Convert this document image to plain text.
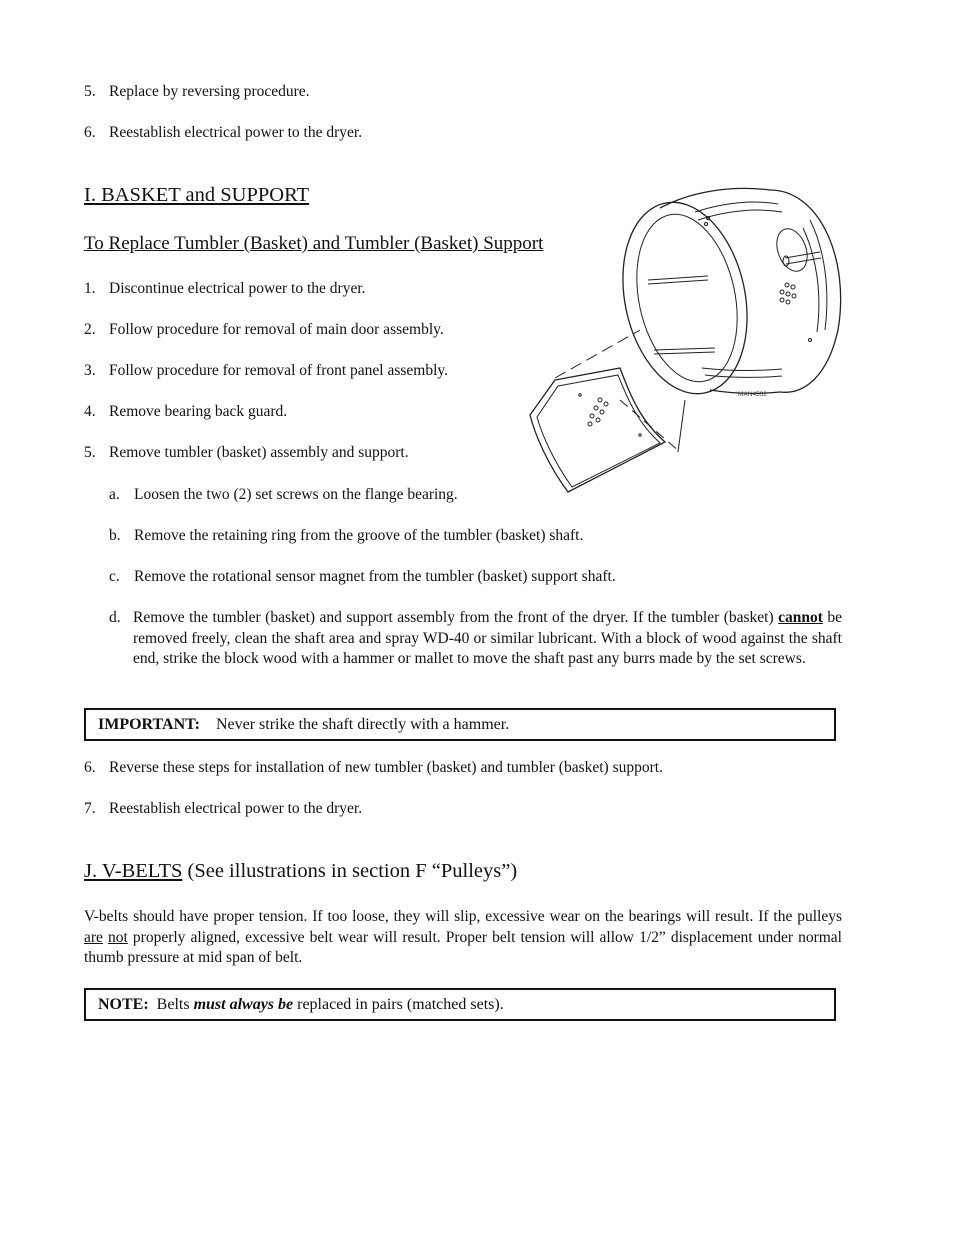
5. Replace by reversing procedure.
6. Reestablish electrical power to the dryer.
I. BASKET and SUPPORT
To Replace Tumbler (Basket) and Tumbler (Basket) Support
1. Discontinue electrical power to the dryer.
2. Follow procedure for removal of main door assembly.
3. Follow procedure for removal of front panel assembly.
4. Remove bearing back guard.
5. Remove tumbler (basket) assembly and support.
a. Loosen the two (2) set screws on the flange bearing.
b. Remove the retaining ring from the groove of the tumbler (basket) shaft.
c. Remove the rotational sensor magnet from the tumbler (basket) support shaft.
d. Remove the tumbler (basket) and support assembly from the front of the dryer. If the tumbler (basket) cannot be removed freely, clean the shaft area and spray WD-40 or similar lubricant. With a block of wood against the shaft end, strike the block wood with a hammer or mallet to move the shaft past any burrs made by the set screws.
IMPORTANT: Never strike the shaft directly with a hammer.
6. Reverse these steps for installation of new tumbler (basket) and tumbler (basket) support.
7. Reestablish electrical power to the dryer.
J. V-BELTS (See illustrations in section F “Pulleys”)
V-belts should have proper tension. If too loose, they will slip, excessive wear on the bearings will result. If the pulleys are not properly aligned, excessive belt wear will result. Proper belt tension will allow 1/2” displacement under normal thumb pressure at mid span of belt.
NOTE: Belts must always be replaced in pairs (matched sets).
MAN4532
